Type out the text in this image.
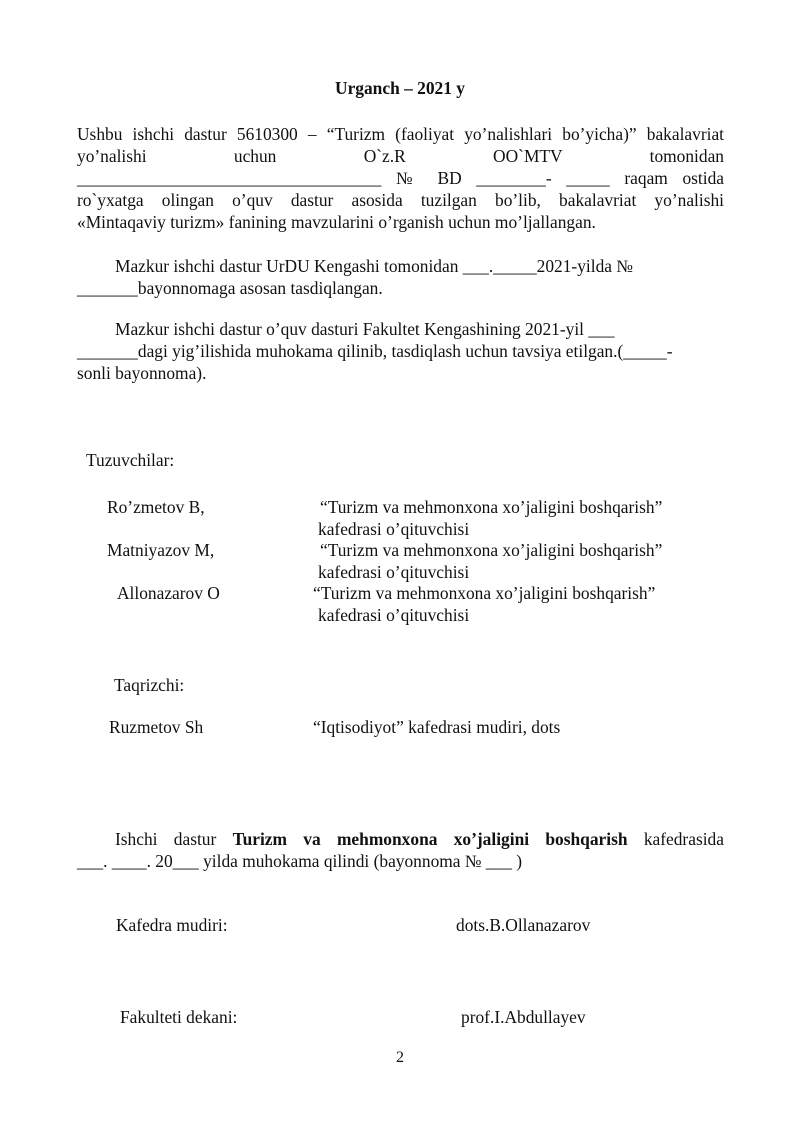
Urganch – 2021 y
Ushbu ishchi dastur 5610300 – “Turizm (faoliyat yo’nalishlari bo’yicha)” bakalavriat
yo’nalishi uchun O`z.R OO`MTV tomonidan
___________________________________ № BD ________- _____ raqam ostida
ro`yxatga olingan o’quv dastur asosida tuzilgan bo’lib, bakalavriat yo’nalishi
«Mintaqaviy turizm» fanining mavzularini o’rganish uchun mo’ljallangan.
Mazkur ishchi dastur UrDU Kengashi tomonidan ___._____2021-yilda №
_______bayonnomaga asosan tasdiqlangan.
Mazkur ishchi dastur o’quv dasturi Fakultet Kengashining 2021-yil ___
_______dagi yig’ilishida muhokama qilinib, tasdiqlash uchun tavsiya etilgan.(_____-
sonli bayonnoma).
Tuzuvchilar:
Ro’zmetov B,	“Turizm va mehmonxona xo’jaligini boshqarish”
kafedrasi o’qituvchisi
Matniyazov M,	“Turizm va mehmonxona xo’jaligini boshqarish”
kafedrasi o’qituvchisi
Allonazarov O	“Turizm va mehmonxona xo’jaligini boshqarish”
kafedrasi o’qituvchisi
Taqrizchi:
Ruzmetov Sh	“Iqtisodiyot” kafedrasi mudiri, dots
Ishchi dastur Turizm va mehmonxona xo’jaligini boshqarish kafedrasida
___. ____. 20___ yilda muhokama qilindi (bayonnoma № ___ )
Kafedra mudiri:	dots.B.Ollanazarov
Fakulteti dekani:	prof.I.Abdullayev
2
